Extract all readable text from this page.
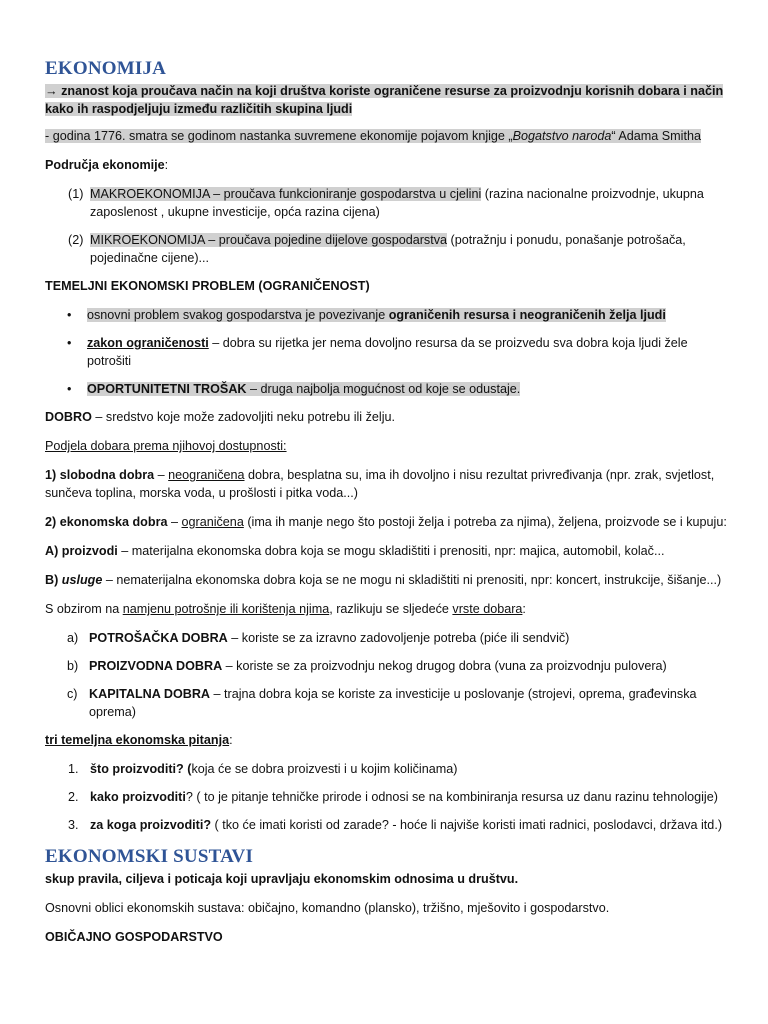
EKONOMIJA

→ znanost koja proučava način na koji društva koriste ograničene resurse za proizvodnju korisnih dobara i način kako ih raspodjeljuju između različitih skupina ljudi

- godina 1776. smatra se godinom nastanka suvremene ekonomije pojavom knjige „Bogatstvo naroda“ Adama Smitha

Područja ekonomije:

(1) MAKROEKONOMIJA – proučava funkcioniranje gospodarstva u cjelini (razina nacionalne proizvodnje, ukupna zaposlenost , ukupne investicije, opća razina cijena)
(2) MIKROEKONOMIJA – proučava pojedine dijelove gospodarstva (potražnju i ponudu, ponašanje potrošača, pojedinačne cijene)...

TEMELJNI EKONOMSKI PROBLEM (OGRANIČENOST)

•	osnovni problem svakog gospodarstva je povezivanje ograničenih resursa i neograničenih želja ljudi
•	zakon ograničenosti – dobra su rijetka jer nema dovoljno resursa da se proizvedu sva dobra koja ljudi žele potrošiti
•	OPORTUNITETNI TROŠAK – druga najbolja mogućnost od koje se odustaje.

DOBRO – sredstvo koje može zadovoljiti neku potrebu ili želju.

Podjela dobara prema njihovoj dostupnosti:

1) slobodna dobra – neograničena dobra, besplatna su, ima ih dovoljno i nisu rezultat privređivanja (npr. zrak, svjetlost, sunčeva toplina, morska voda, u prošlosti i pitka voda...)

2) ekonomska dobra – ograničena (ima ih manje nego što postoji želja i potreba za njima), željena, proizvode se i kupuju:

A) proizvodi – materijalna ekonomska dobra koja se mogu skladištiti i prenositi, npr: majica, automobil, kolač...

B) usluge – nematerijalna ekonomska dobra koja se ne mogu ni skladištiti ni prenositi, npr: koncert, instrukcije, šišanje...)

S obzirom na namjenu potrošnje ili korištenja njima, razlikuju se sljedeće vrste dobara:

a) POTROŠAČKA DOBRA – koriste se za izravno zadovoljenje potreba (piće ili sendvič)
b) PROIZVODNA DOBRA – koriste se za proizvodnju nekog drugog dobra (vuna za proizvodnju pulovera)
c) KAPITALNA DOBRA – trajna dobra koja se koriste za investicije u poslovanje (strojevi, oprema, građevinska oprema)

tri temeljna ekonomska pitanja:

1. što proizvoditi? (koja će se dobra proizvesti i u kojim količinama)
2. kako proizvoditi? ( to je pitanje tehničke prirode i odnosi se na kombiniranja resursa uz danu razinu tehnologije)
3. za koga proizvoditi? ( tko će imati koristi od zarade? - hoće li najviše koristi imati radnici, poslodavci, država itd.)
EKONOMSKI SUSTAVI

skup pravila, ciljeva i poticaja koji upravljaju ekonomskim odnosima u društvu.

Osnovni oblici ekonomskih sustava: običajno, komandno (plansko), tržišno, mješovito i gospodarstvo.

OBIČAJNO GOSPODARSTVO
